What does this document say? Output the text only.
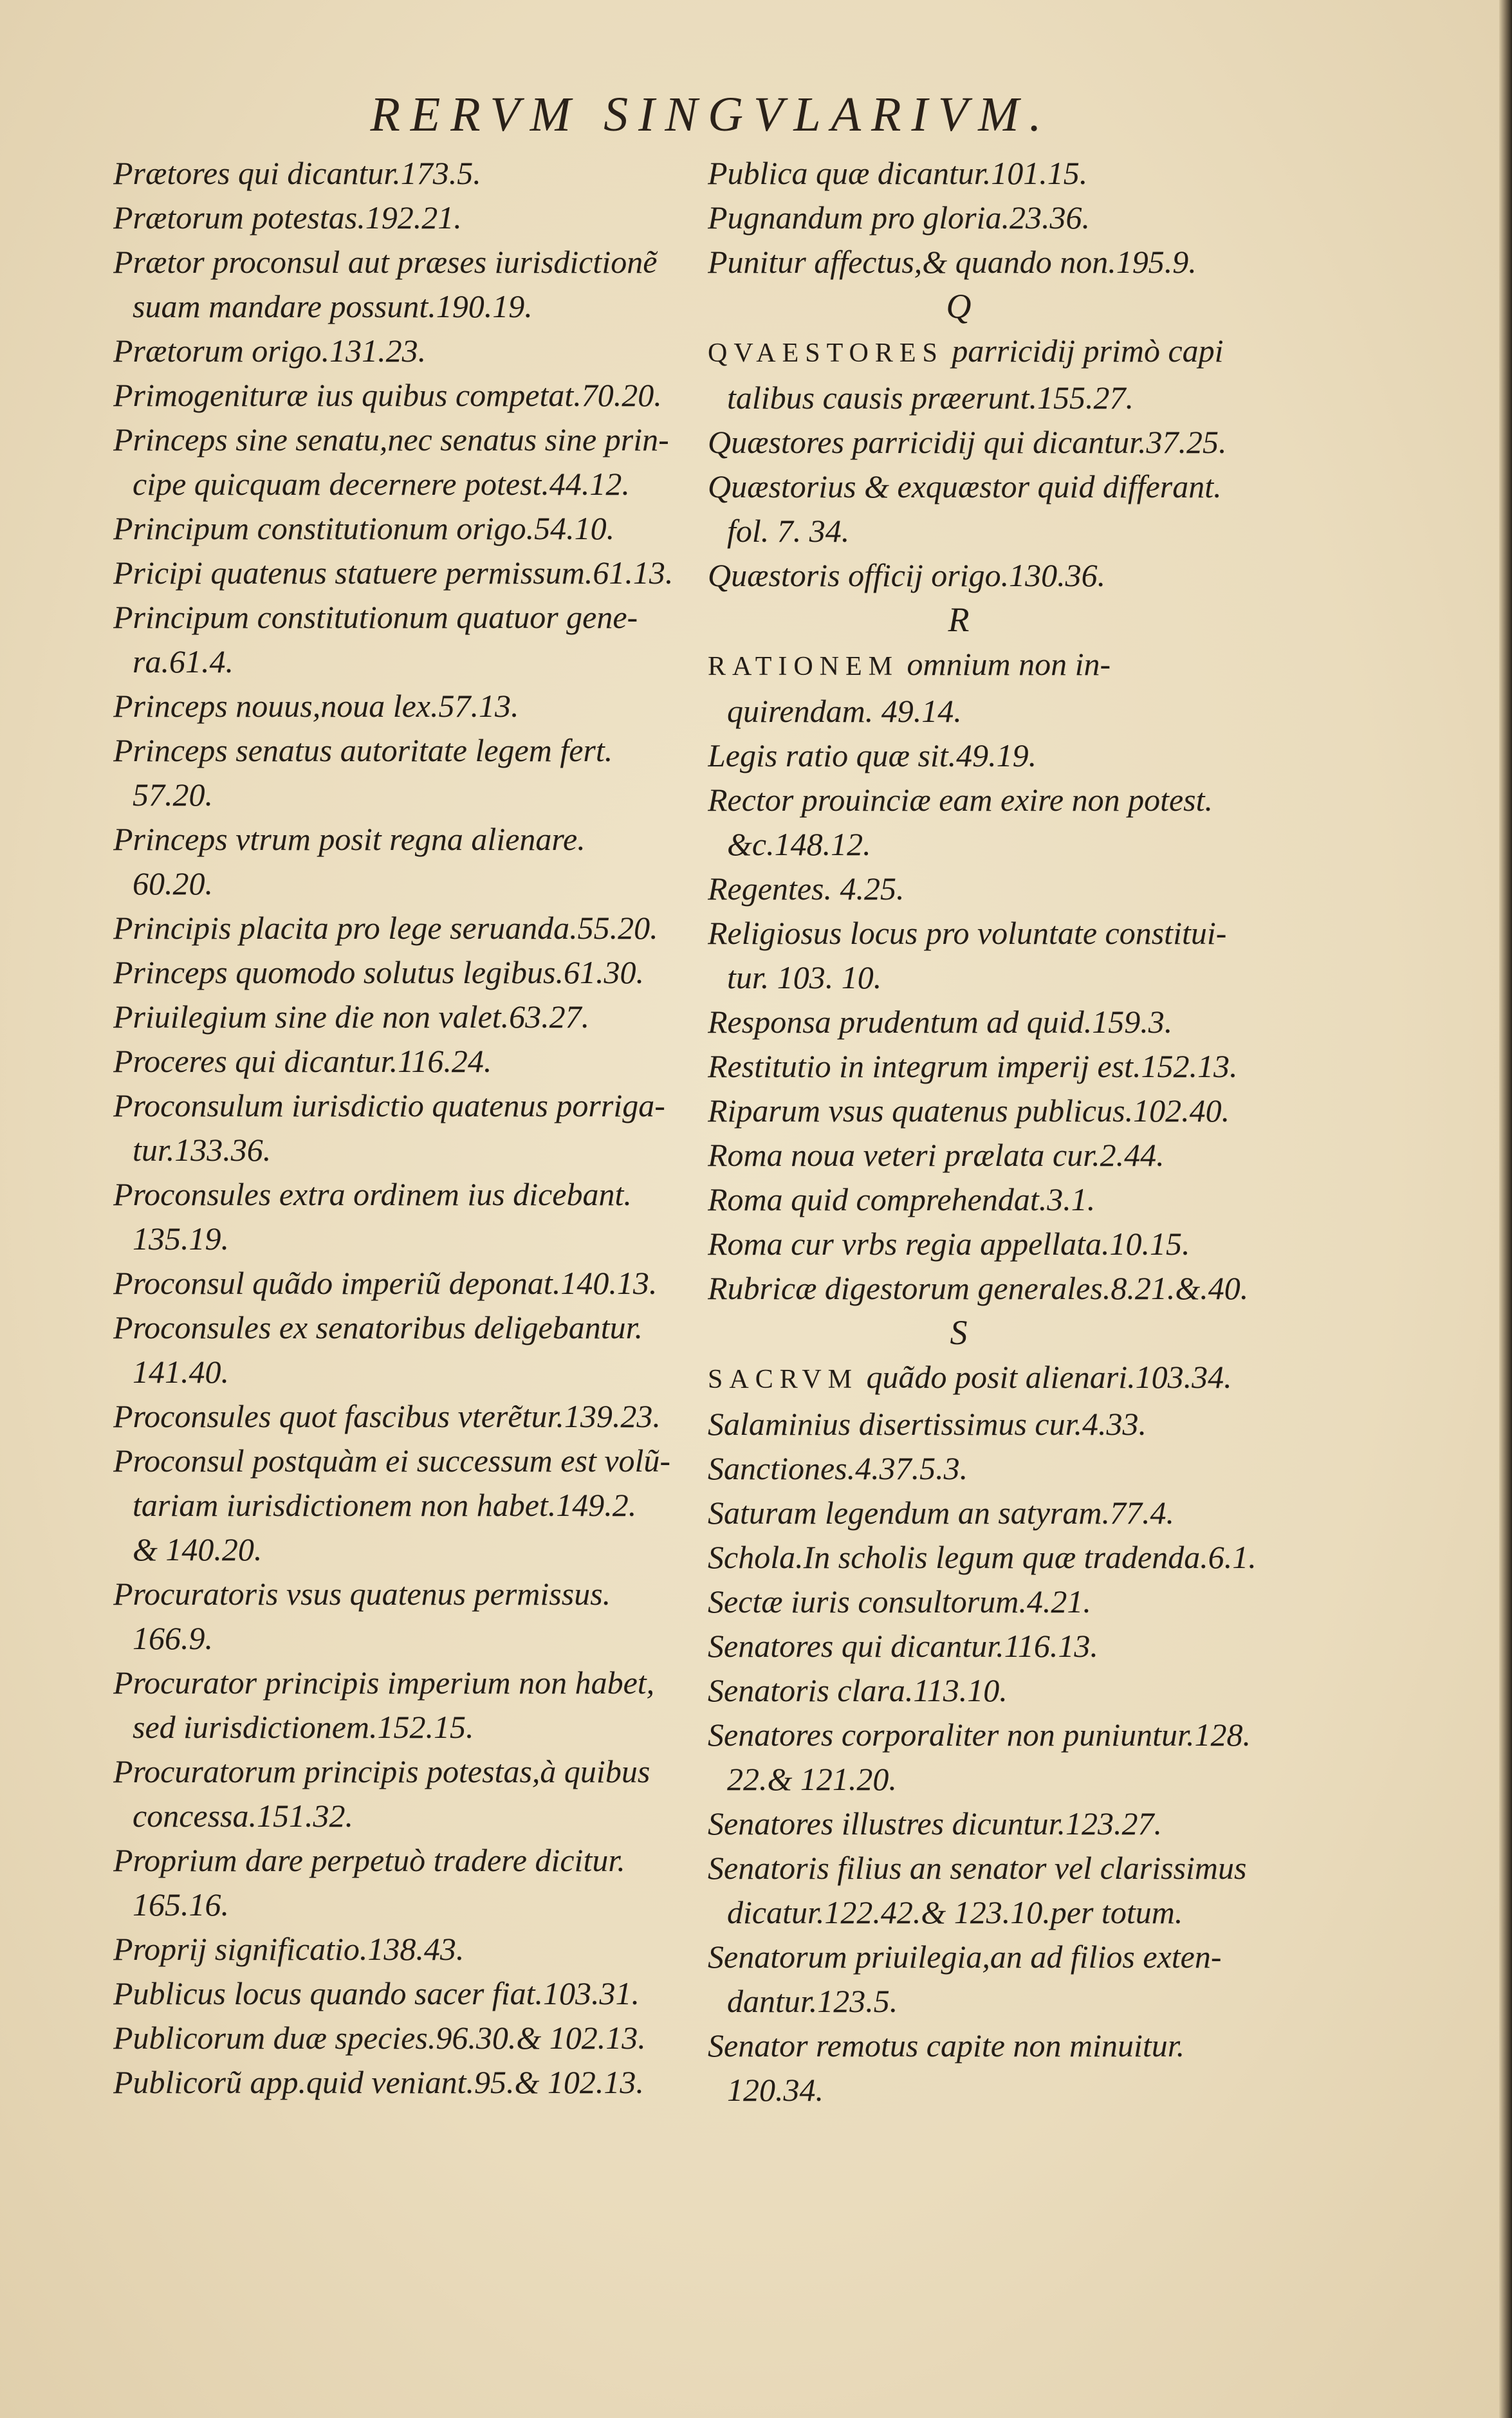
RERVM SINGVLARIVM.
Prætores qui dicantur.173.5.
Prætorum potestas.192.21.
Prætor proconsul aut præses iurisdictionẽ
suam mandare possunt.190.19.
Prætorum origo.131.23.
Primogenituræ ius quibus competat.70.20.
Princeps sine senatu,nec senatus sine prin-
cipe quicquam decernere potest.44.12.
Principum constitutionum origo.54.10.
Pricipi quatenus statuere permissum.61.13.
Principum constitutionum quatuor gene-
ra.61.4.
Princeps nouus,noua lex.57.13.
Princeps senatus autoritate legem fert.
57.20.
Princeps vtrum posit regna alienare.
60.20.
Principis placita pro lege seruanda.55.20.
Princeps quomodo solutus legibus.61.30.
Priuilegium sine die non valet.63.27.
Proceres qui dicantur.116.24.
Proconsulum iurisdictio quatenus porriga-
tur.133.36.
Proconsules extra ordinem ius dicebant.
135.19.
Proconsul quãdo imperiũ deponat.140.13.
Proconsules ex senatoribus deligebantur.
141.40.
Proconsules quot fascibus vterẽtur.139.23.
Proconsul postquàm ei successum est volũ-
tariam iurisdictionem non habet.149.2.
& 140.20.
Procuratoris vsus quatenus permissus.
166.9.
Procurator principis imperium non habet,
sed iurisdictionem.152.15.
Procuratorum principis potestas,à quibus
concessa.151.32.
Proprium dare perpetuò tradere dicitur.
165.16.
Proprij significatio.138.43.
Publicus locus quando sacer fiat.103.31.
Publicorum duæ species.96.30.& 102.13.
Publicorũ app.quid veniant.95.& 102.13.
Publica quæ dicantur.101.15.
Pugnandum pro gloria.23.36.
Punitur affectus,& quando non.195.9.
Q
QVAESTORES parricidij primò capi
talibus causis præerunt.155.27.
Quæstores parricidij qui dicantur.37.25.
Quæstorius & exquæstor quid differant.
fol. 7. 34.
Quæstoris officij origo.130.36.
R
RATIONEM omnium non in-
quirendam. 49.14.
Legis ratio quæ sit.49.19.
Rector prouinciæ eam exire non potest.
&c.148.12.
Regentes. 4.25.
Religiosus locus pro voluntate constitui-
tur. 103. 10.
Responsa prudentum ad quid.159.3.
Restitutio in integrum imperij est.152.13.
Riparum vsus quatenus publicus.102.40.
Roma noua veteri prælata cur.2.44.
Roma quid comprehendat.3.1.
Roma cur vrbs regia appellata.10.15.
Rubricæ digestorum generales.8.21.&.40.
S
SACRVM quãdo posit alienari.103.34.
Salaminius disertissimus cur.4.33.
Sanctiones.4.37.5.3.
Saturam legendum an satyram.77.4.
Schola.In scholis legum quæ tradenda.6.1.
Sectæ iuris consultorum.4.21.
Senatores qui dicantur.116.13.
Senatoris clara.113.10.
Senatores corporaliter non puniuntur.128.
22.& 121.20.
Senatores illustres dicuntur.123.27.
Senatoris filius an senator vel clarissimus
dicatur.122.42.& 123.10.per totum.
Senatorum priuilegia,an ad filios exten-
dantur.123.5.
Senator remotus capite non minuitur.
120.34.
